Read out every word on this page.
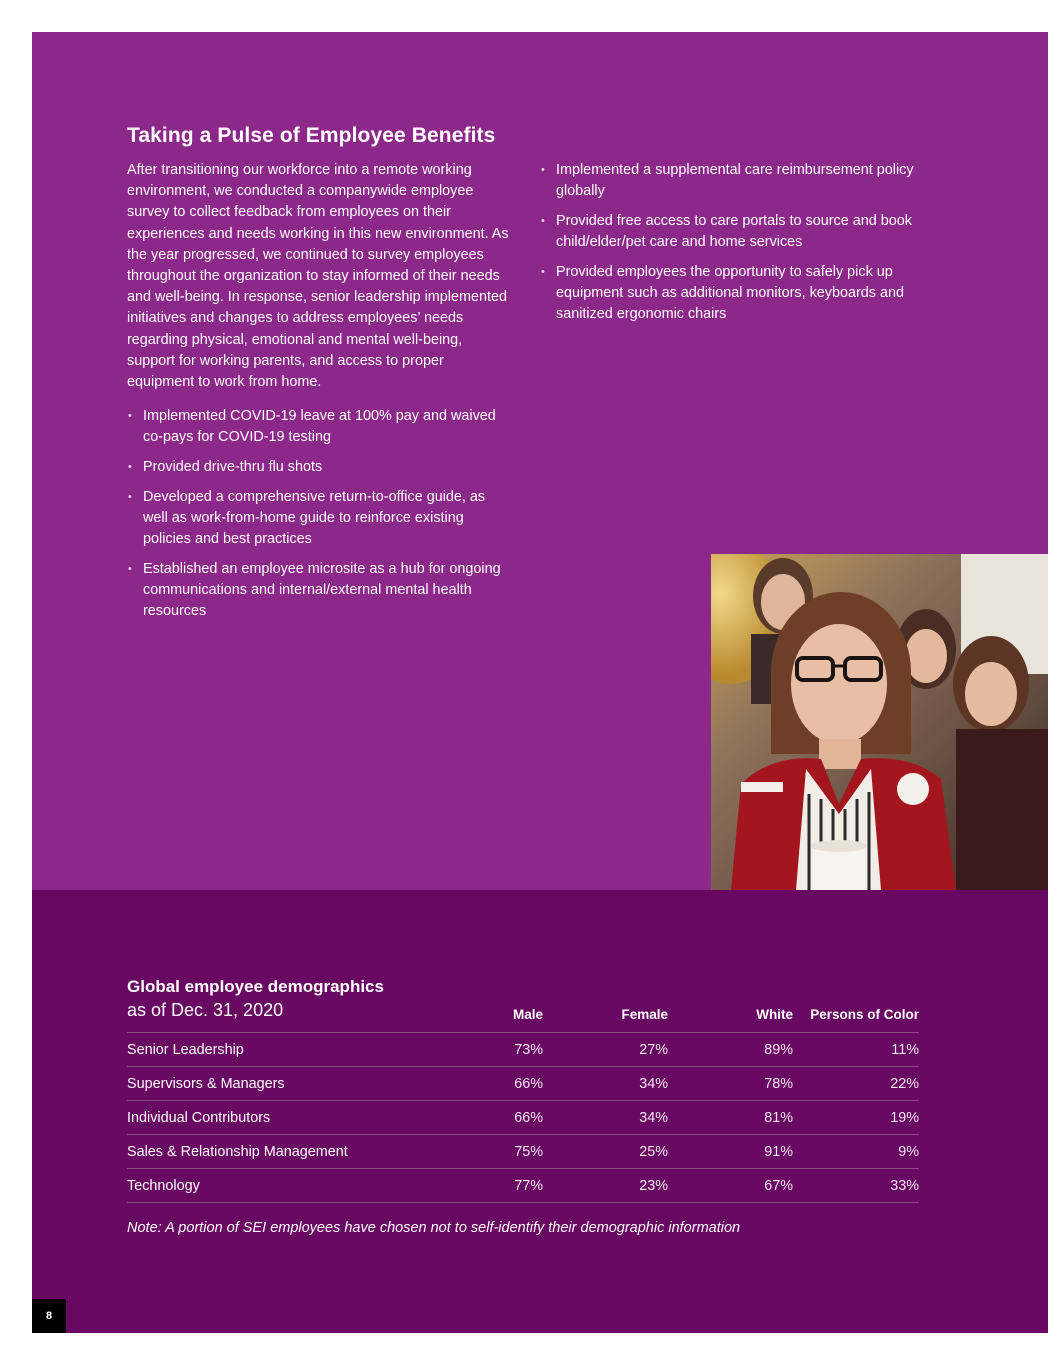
Taking a Pulse of Employee Benefits

After transitioning our workforce into a remote working environment, we conducted a companywide employee survey to collect feedback from employees on their experiences and needs working in this new environment. As the year progressed, we continued to survey employees throughout the organization to stay informed of their needs and well-being. In response, senior leadership implemented initiatives and changes to address employees’ needs regarding physical, emotional and mental well-being, support for working parents, and access to proper equipment to work from home.

• Implemented COVID-19 leave at 100% pay and waived co-pays for COVID-19 testing
• Provided drive-thru flu shots
• Developed a comprehensive return-to-office guide, as well as work-from-home guide to reinforce existing policies and best practices
• Established an employee microsite as a hub for ongoing communications and internal/external mental health resources
• Implemented a supplemental care reimbursement policy globally
• Provided free access to care portals to source and book child/elder/pet care and home services
• Provided employees the opportunity to safely pick up equipment such as additional monitors, keyboards and sanitized ergonomic chairs
Global employee demographics
as of Dec. 31, 2020	Male	Female	White	Persons of Color
Senior Leadership	73%	27%	89%	11%
Supervisors & Managers	66%	34%	78%	22%
Individual Contributors	66%	34%	81%	19%
Sales & Relationship Management	75%	25%	91%	9%
Technology	77%	23%	67%	33%
Note: A portion of SEI employees have chosen not to self-identify their demographic information
8
